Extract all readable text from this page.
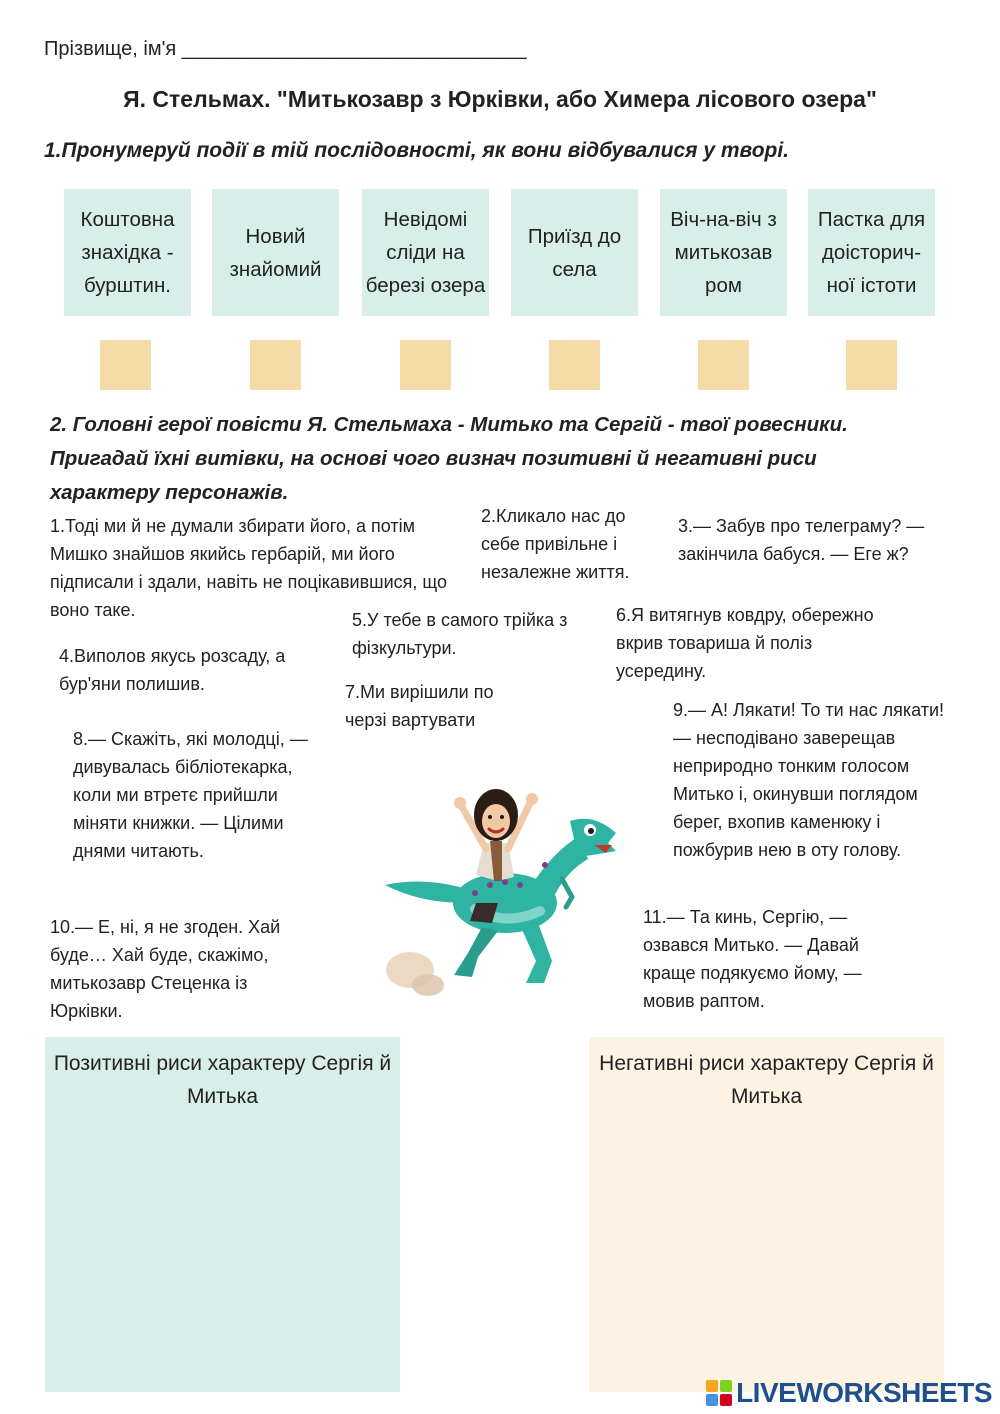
Прізвище, ім'я _______________________________
Я. Стельмах. "Митькозавр з Юрківки, або Химера лісового озера"
1.Пронумеруй події в тій послідовності, як вони відбувалися у творі.
Коштовна знахідка - бурштин.
Новий знайомий
Невідомі сліди на березі озера
Приїзд до села
Віч-на-віч з митькозав ром
Пастка для доісторич- ної істоти
2. Головні герої повісти Я. Стельмаха - Митько та Сергій - твої ровесники. Пригадай їхні витівки, на основі чого визнач позитивні й негативні риси характеру персонажів.
1.Тоді ми й не думали збирати його, а потім Мишко знайшов якийсь гербарій, ми його підписали і здали, навіть не поцікавившися, що воно таке.
2.Кликало нас до себе привільне і незалежне життя.
3.— Забув про телеграму? — закінчила бабуся. — Еге ж?
5.У тебе в самого трійка з фізкультури.
6.Я витягнув ковдру, обережно вкрив товариша й поліз усередину.
4.Виполов якусь розсаду, а бур'яни полишив.	7.Ми вирішили по черзі вартувати	9.— А! Лякати! То ти нас лякати! — несподівано заверещав неприродно тонким голосом Митько і, окинувши поглядом берег, вхопив каменюку і пожбурив нею в оту голову.
8.— Скажіть, які молодці, — дивувалась бібліотекарка, коли ми втретє прийшли міняти книжки. — Цілими днями читають.
10.— Е, ні, я не згоден. Хай буде… Хай буде, скажімо, митькозавр Стеценка із Юрківки.
11.— Та кинь, Сергію, — озвався Митько. — Давай краще подякуємо йому, — мовив раптом.
Позитивні риси характеру Сергія й Митька
Негативні риси характеру Сергія й Митька
LIVEWORKSHEETS
